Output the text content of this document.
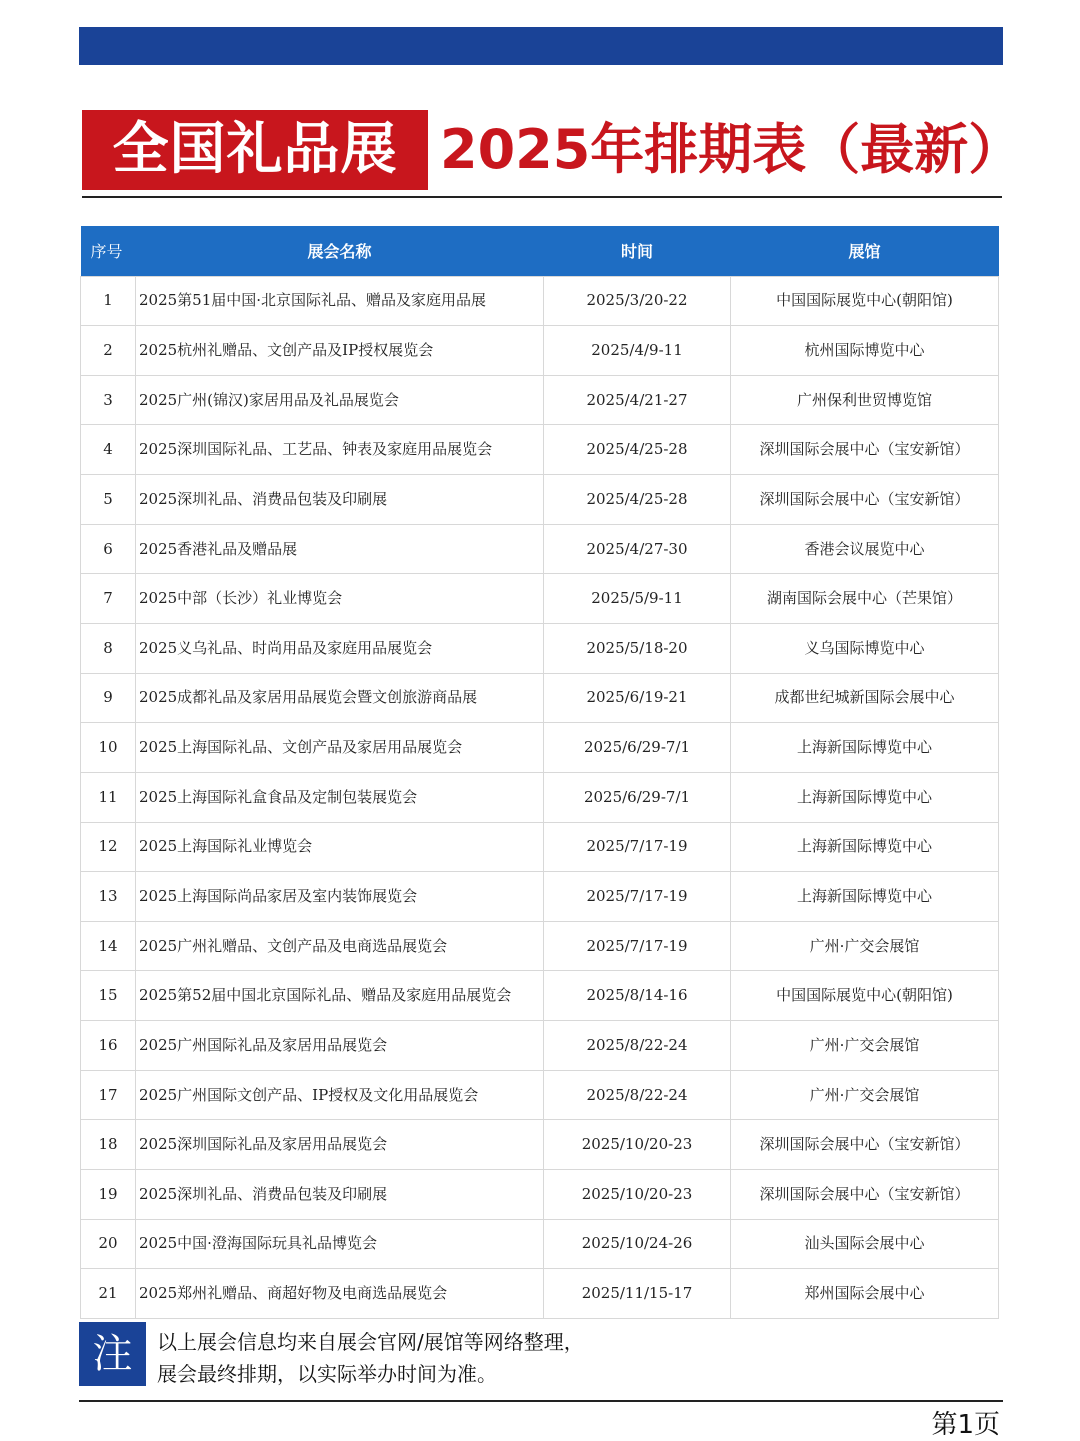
全国礼品展 2025年排期表（最新）
序号	展会名称	时间	展馆
1	2025第51届中国·北京国际礼品、赠品及家庭用品展	2025/3/20-22	中国国际展览中心(朝阳馆)
2	2025杭州礼赠品、文创产品及IP授权展览会	2025/4/9-11	杭州国际博览中心
3	2025广州(锦汉)家居用品及礼品展览会	2025/4/21-27	广州保利世贸博览馆
4	2025深圳国际礼品、工艺品、钟表及家庭用品展览会	2025/4/25-28	深圳国际会展中心（宝安新馆）
5	2025深圳礼品、消费品包装及印刷展	2025/4/25-28	深圳国际会展中心（宝安新馆）
6	2025香港礼品及赠品展	2025/4/27-30	香港会议展览中心
7	2025中部（长沙）礼业博览会	2025/5/9-11	湖南国际会展中心（芒果馆）
8	2025义乌礼品、时尚用品及家庭用品展览会	2025/5/18-20	义乌国际博览中心
9	2025成都礼品及家居用品展览会暨文创旅游商品展	2025/6/19-21	成都世纪城新国际会展中心
10	2025上海国际礼品、文创产品及家居用品展览会	2025/6/29-7/1	上海新国际博览中心
11	2025上海国际礼盒食品及定制包装展览会	2025/6/29-7/1	上海新国际博览中心
12	2025上海国际礼业博览会	2025/7/17-19	上海新国际博览中心
13	2025上海国际尚品家居及室内装饰展览会	2025/7/17-19	上海新国际博览中心
14	2025广州礼赠品、文创产品及电商选品展览会	2025/7/17-19	广州·广交会展馆
15	2025第52届中国北京国际礼品、赠品及家庭用品展览会	2025/8/14-16	中国国际展览中心(朝阳馆)
16	2025广州国际礼品及家居用品展览会	2025/8/22-24	广州·广交会展馆
17	2025广州国际文创产品、IP授权及文化用品展览会	2025/8/22-24	广州·广交会展馆
18	2025深圳国际礼品及家居用品展览会	2025/10/20-23	深圳国际会展中心（宝安新馆）
19	2025深圳礼品、消费品包装及印刷展	2025/10/20-23	深圳国际会展中心（宝安新馆）
20	2025中国·澄海国际玩具礼品博览会	2025/10/24-26	汕头国际会展中心
21	2025郑州礼赠品、商超好物及电商选品展览会	2025/11/15-17	郑州国际会展中心
注	以上展会信息均来自展会官网/展馆等网络整理，
展会最终排期，以实际举办时间为准。
第1页
